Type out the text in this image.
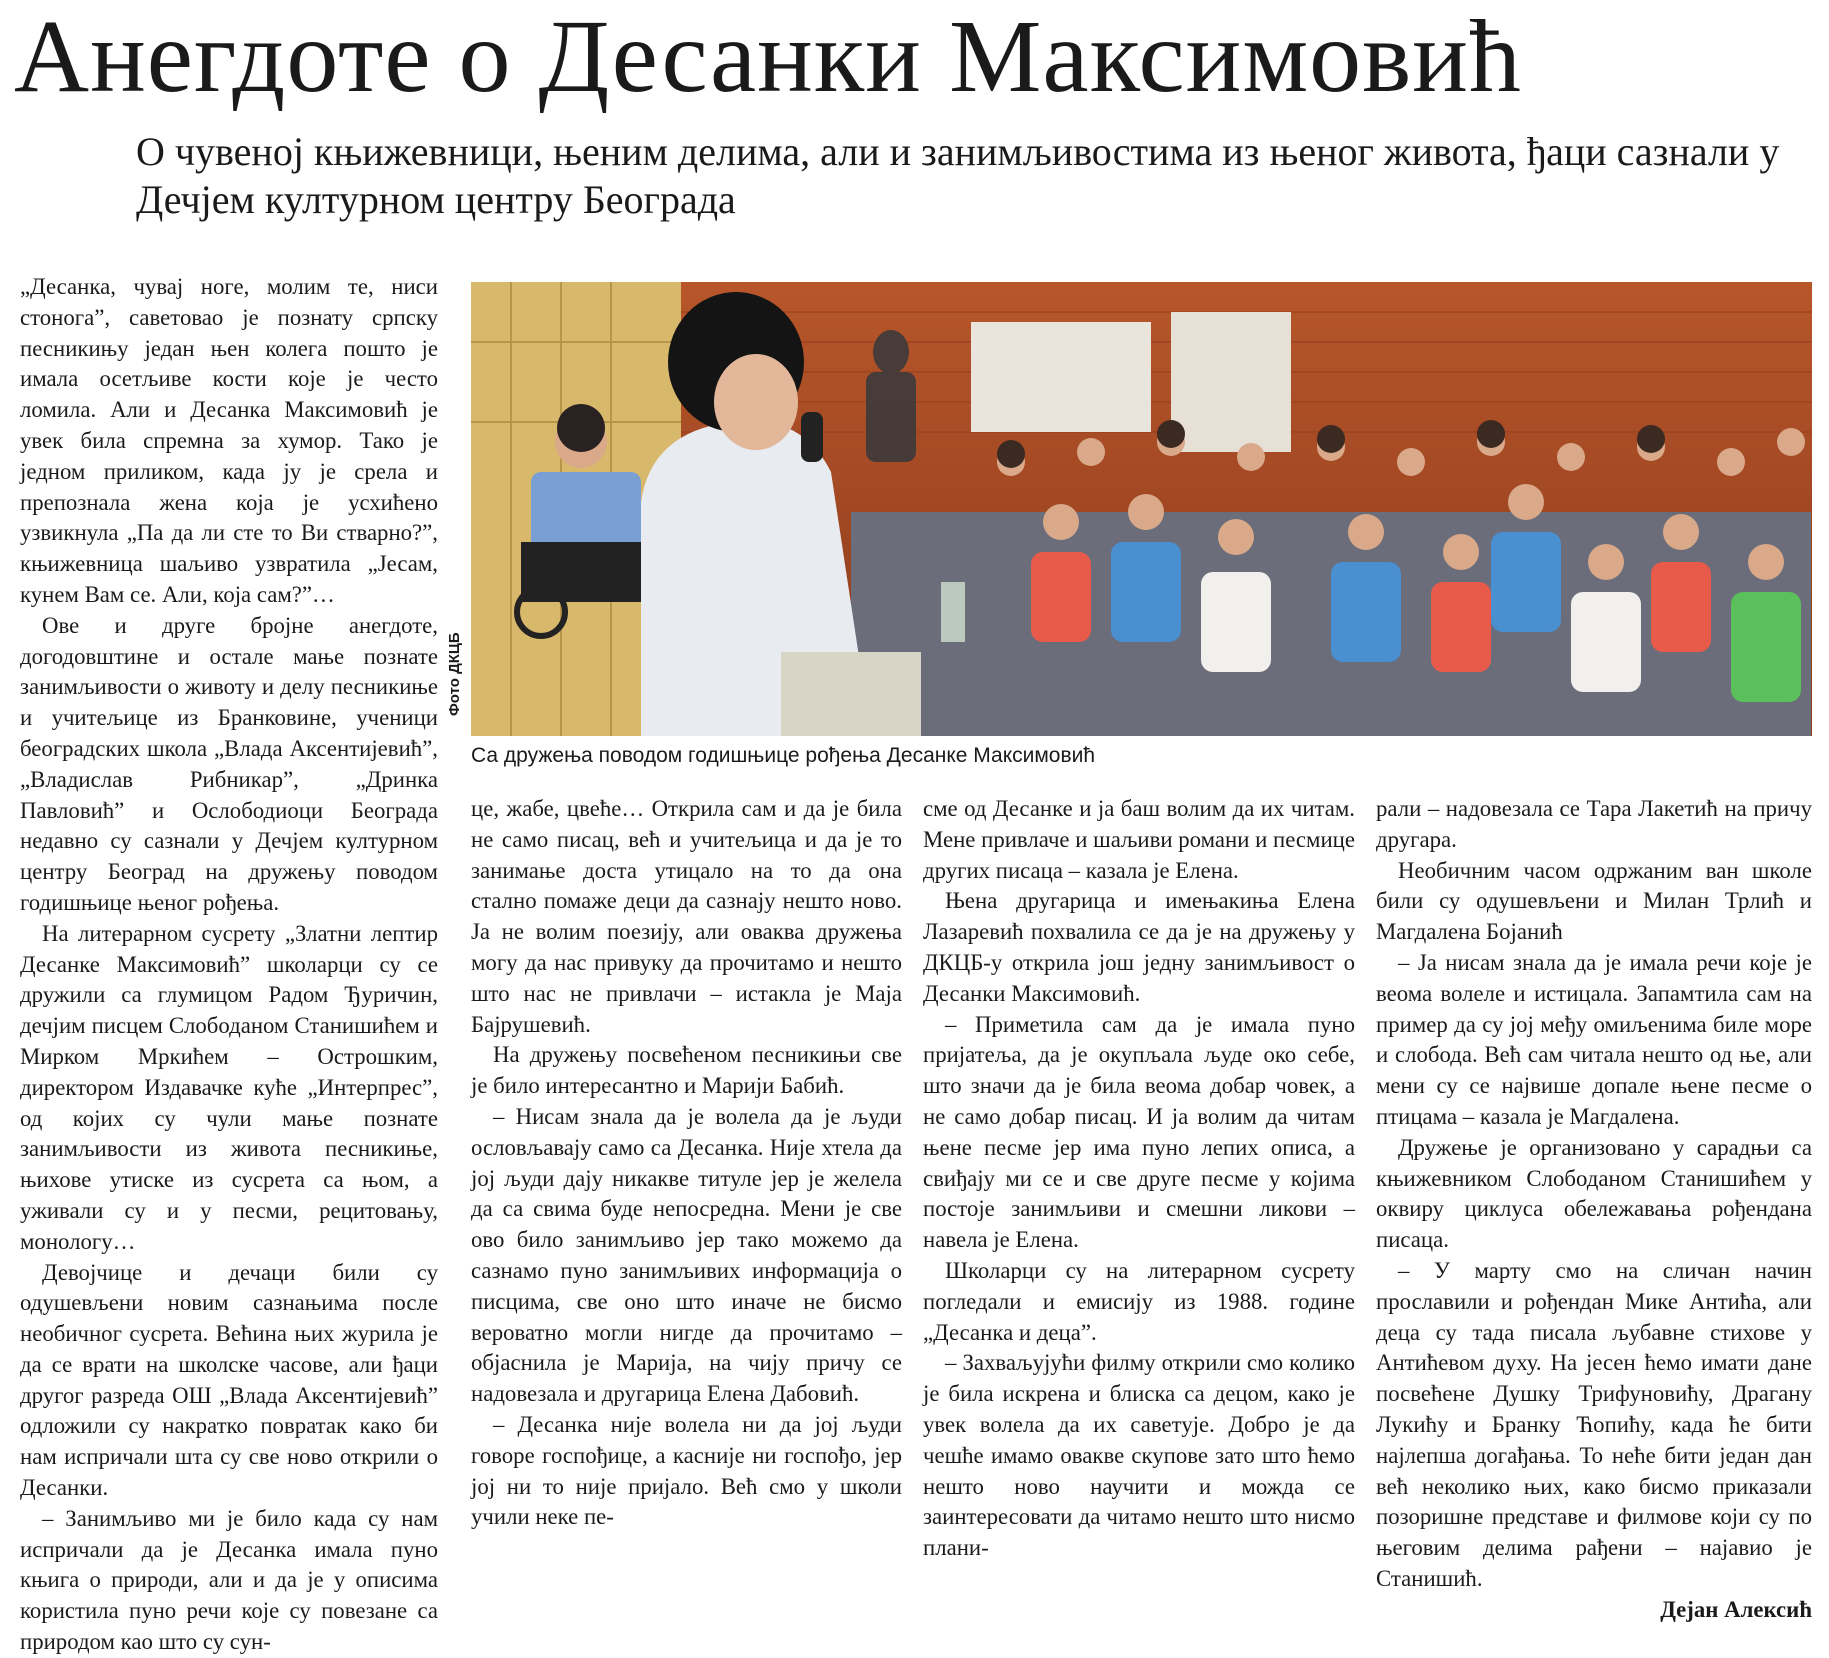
Анегдоте о Десанки Максимовић

О чувеној књижевници, њеним делима, али и занимљивостима из њеног живота, ђаци сазнали у Дечјем културном центру Београда

„Десанка, чувај ноге, молим те, ниси стонога”, саветовао је познату српску песникињу један њен колега пошто је имала осетљиве кости које је често ломила. Али и Десанка Максимовић је увек била спремна за хумор. Тако је једном приликом, када ју је срела и препознала жена која је усхићено узвикнула „Па да ли сте то Ви стварно?”, књижевница шаљиво узвратила „Јесам, кунем Вам се. Али, која сам?”…

Ове и друге бројне анегдоте, догодовштине и остале мање познате занимљивости о животу и делу песникиње и учитељице из Бранковине, ученици београдских школа „Влада Аксентијевић”, „Владислав Рибникар”, „Дринка Павловић” и Ослободиоци Београда недавно су сазнали у Дечјем културном центру Београд на дружењу поводом годишњице њеног рођења.

На литерарном сусрету „Златни лептир Десанке Максимовић” школарци су се дружили са глумицом Радом Ђуричин, дечјим писцем Слободаном Станишићем и Мирком Мркићем – Острошким, директором Издавачке куће „Интерпрес”, од којих су чули мање познате занимљивости из живота песникиње, њихове утиске из сусрета са њом, а уживали су и у песми, рецитовању, монологу…

Девојчице и дечаци били су одушевљени новим сазнањима после необичног сусрета. Већина њих журила је да се врати на школске часове, али ђаци другог разреда ОШ „Влада Аксентијевић” одложили су накратко повратак како би нам испричали шта су све ново открили о Десанки.

– Занимљиво ми је било када су нам испричали да је Десанка имала пуно књига о природи, али и да је у описима користила пуно речи које су повезане са природом као што су сун-

Фото ДКЦБ
Са дружења поводом годишњице рођења Десанке Максимовић

це, жабе, цвеће… Открила сам и да је била не само писац, већ и учитељица и да је то занимање доста утицало на то да она стално помаже деци да сазнају нешто ново. Ја не волим поезију, али оваква дружења могу да нас привуку да прочитамо и нешто што нас не привлачи – истакла је Маја Бајрушевић.

На дружењу посвећеном песникињи све је било интересантно и Марији Бабић.

– Нисам знала да је волела да је људи ословљавају само са Десанка. Није хтела да јој људи дају никакве титуле јер је желела да са свима буде непосредна. Мени је све ово било занимљиво јер тако можемо да сазнамо пуно занимљивих информација о писцима, све оно што иначе не бисмо вероватно могли нигде да прочитамо – објаснила је Марија, на чију причу се надовезала и другарица Елена Дабовић.

– Десанка није волела ни да јој људи говоре госпођице, а касније ни госпођо, јер јој ни то није пријало. Већ смо у школи учили неке пе-

сме од Десанке и ја баш волим да их читам. Мене привлаче и шаљиви романи и песмице других писаца – казала је Елена.

Њена другарица и имењакиња Елена Лазаревић похвалила се да је на дружењу у ДКЦБ-у открила још једну занимљивост о Десанки Максимовић.

– Приметила сам да је имала пуно пријатеља, да је окупљала људе око себе, што значи да је била веома добар човек, а не само добар писац. И ја волим да читам њене песме јер има пуно лепих описа, а свиђају ми се и све друге песме у којима постоје занимљиви и смешни ликови – навела је Елена.

Школарци су на литерарном сусрету погледали и емисију из 1988. године „Десанка и деца”.

– Захваљујући филму открили смо колико је била искрена и блиска са децом, како је увек волела да их саветује. Добро је да чешће имамо овакве скупове зато што ћемо нешто ново научити и можда се заинтересовати да читамо нешто што нисмо плани-

рали – надовезала се Тара Лакетић на причу другара.

Необичним часом одржаним ван школе били су одушевљени и Милан Трлић и Магдалена Бојанић

– Ја нисам знала да је имала речи које је веома волеле и истицала. Запамтила сам на пример да су јој међу омиљенима биле море и слобода. Већ сам читала нешто од ње, али мени су се највише допале њене песме о птицама – казала је Магдалена.

Дружење је организовано у сарадњи са књижевником Слободаном Станишићем у оквиру циклуса обележавања рођендана писаца.

– У марту смо на сличан начин прославили и рођендан Мике Антића, али деца су тада писала љубавне стихове у Антићевом духу. На јесен ћемо имати дане посвећене Душку Трифуновићу, Драгану Лукићу и Бранку Ћопићу, када ће бити најлепша догађања. То неће бити један дан већ неколико њих, како бисмо приказали позоришне представе и филмове који су по његовим делима рађени – најавио је Станишић.

Дејан Алексић
